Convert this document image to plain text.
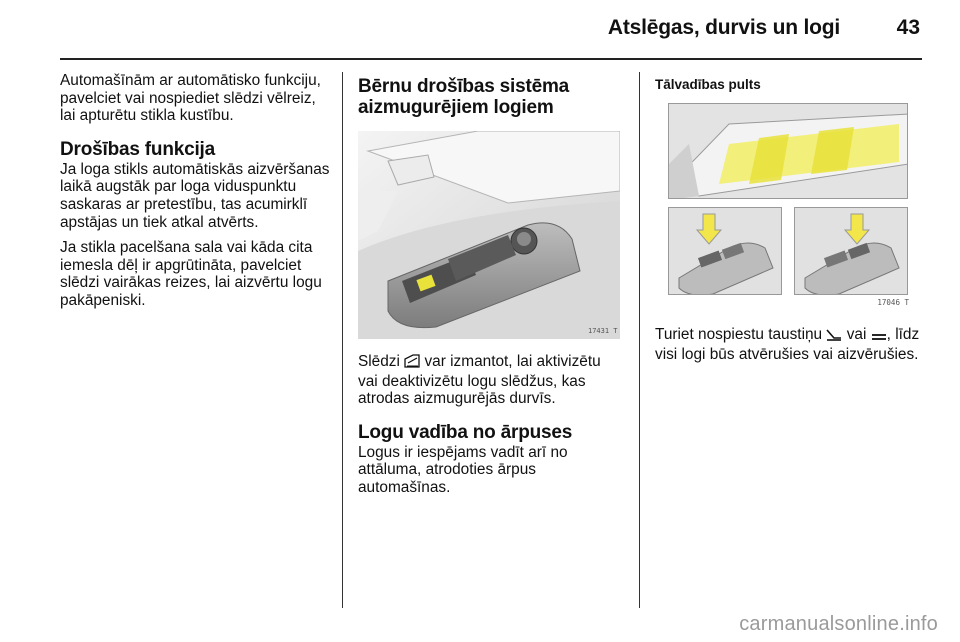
Atslēgas, durvis un logi	43

Automašīnām ar automātisko funkciju, pavelciet vai nospiediet slēdzi vēlreiz, lai apturētu stikla kustību.

Drošības funkcija

Ja loga stikls automātiskās aizvēršanas laikā augstāk par loga viduspunktu saskaras ar pretestību, tas acumirklī apstājas un tiek atkal atvērts.

Ja stikla pacelšana sala vai kāda cita iemesla dēļ ir apgrūtināta, pavelciet slēdzi vairākas reizes, lai aizvērtu logu pakāpeniski.

Bērnu drošības sistēma aizmugurējiem logiem
17431 T

Slēdzi var izmantot, lai aktivizētu vai deaktivizētu logu slēdžus, kas atrodas aizmugurējās durvīs.

Logu vadība no ārpuses

Logus ir iespējams vadīt arī no attāluma, atrodoties ārpus automašīnas.

Tālvadības pults
17046 T

Turiet nospiestu taustiņu vai , līdz visi logi būs atvērušies vai aizvērušies.

carmanualsonline.info
